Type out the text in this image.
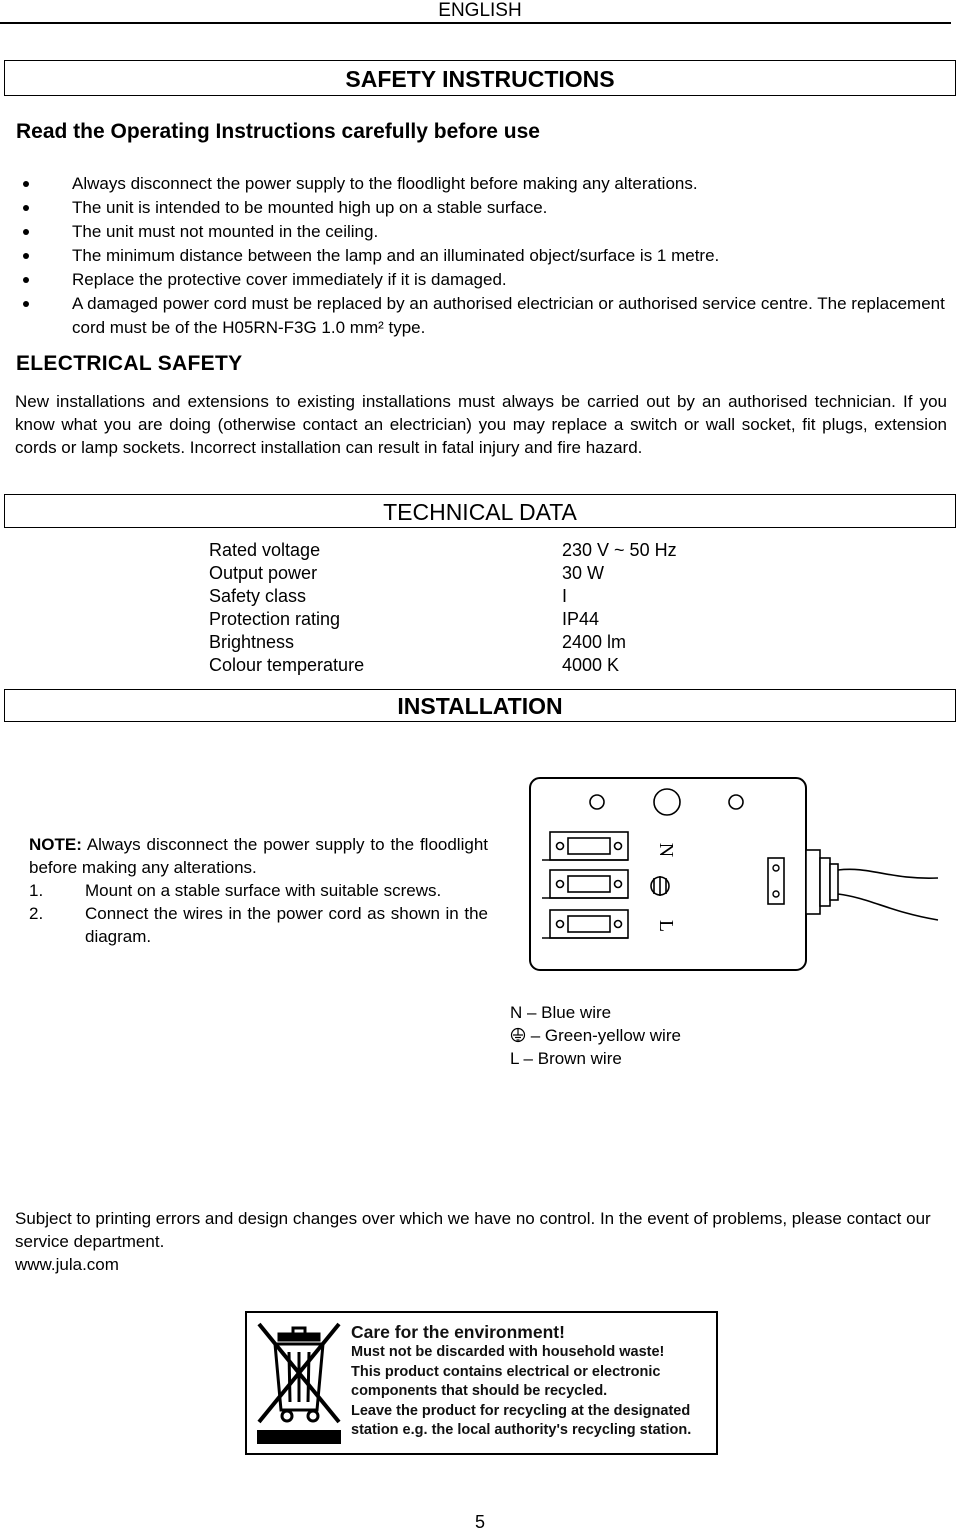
ENGLISH
SAFETY INSTRUCTIONS
Read the Operating Instructions carefully before use
Always disconnect the power supply to the floodlight before making any alterations.
The unit is intended to be mounted high up on a stable surface.
The unit must not mounted in the ceiling.
The minimum distance between the lamp and an illuminated object/surface is 1 metre.
Replace the protective cover immediately if it is damaged.
A damaged power cord must be replaced by an authorised electrician or authorised service centre. The replacement cord must be of the H05RN-F3G 1.0 mm² type.
ELECTRICAL SAFETY
New installations and extensions to existing installations must always be carried out by an authorised technician. If you know what you are doing (otherwise contact an electrician) you may replace a switch or wall socket, fit plugs, extension cords or lamp sockets. Incorrect installation can result in fatal injury and fire hazard.
TECHNICAL DATA
Rated voltage	230 V ~ 50 Hz
Output power	30 W
Safety class	I
Protection rating	IP44
Brightness	2400 lm
Colour temperature	4000 K
INSTALLATION
NOTE: Always disconnect the power supply to the floodlight before making any alterations.
1. Mount on a stable surface with suitable screws.
2. Connect the wires in the power cord as shown in the diagram.
N
L
N – Blue wire
– Green-yellow wire
L – Brown wire
Subject to printing errors and design changes over which we have no control. In the event of problems, please contact our service department.
www.jula.com
Care for the environment!
Must not be discarded with household waste!
This product contains electrical or electronic
components that should be recycled.
Leave the product for recycling at the designated
station e.g. the local authority's recycling station.
5
